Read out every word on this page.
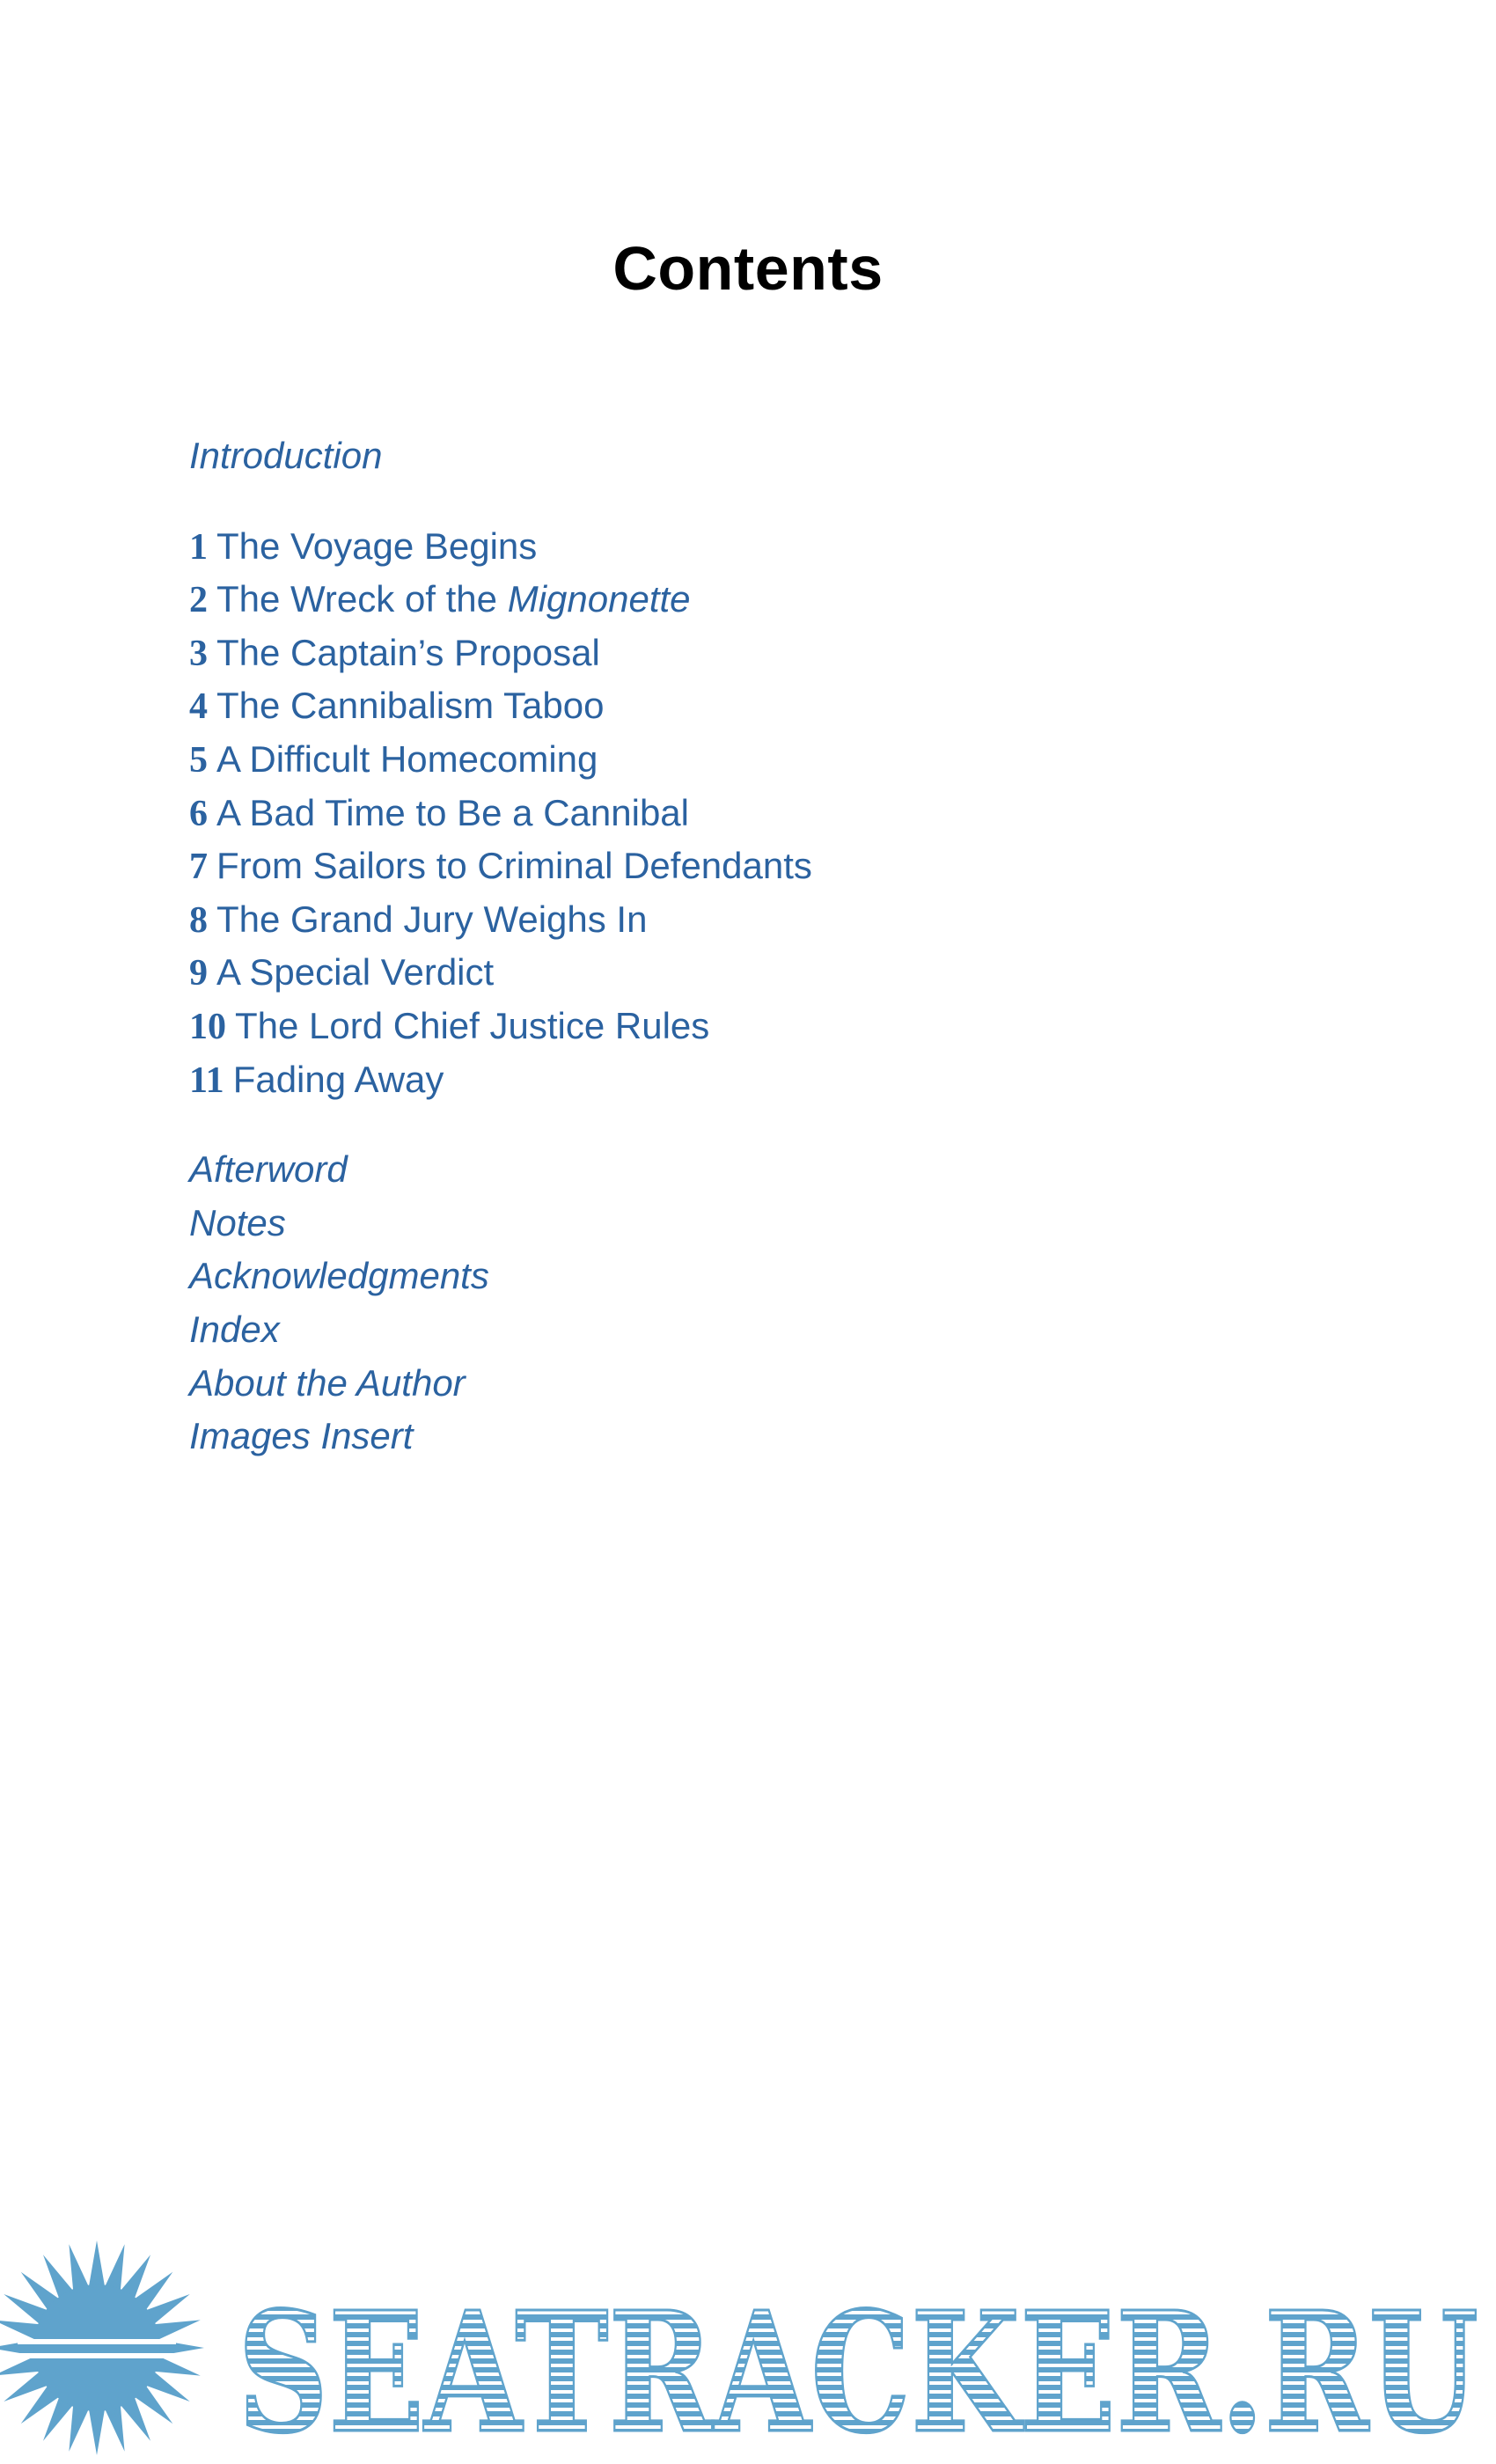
Contents
Introduction
1 The Voyage Begins
2 The Wreck of the Mignonette
3 The Captain’s Proposal
4 The Cannibalism Taboo
5 A Difficult Homecoming
6 A Bad Time to Be a Cannibal
7 From Sailors to Criminal Defendants
8 The Grand Jury Weighs In
9 A Special Verdict
10 The Lord Chief Justice Rules
11 Fading Away
Afterword
Notes
Acknowledgments
Index
About the Author
Images Insert
SEATRACKER.RU
